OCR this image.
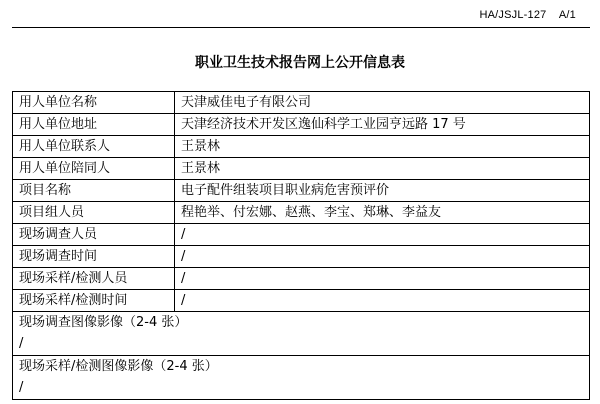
HA/JSJL-127    A/1
职业卫生技术报告网上公开信息表
用人单位名称	天津威佳电子有限公司
用人单位地址	天津经济技术开发区逸仙科学工业园亨远路 17 号
用人单位联系人	王景林
用人单位陪同人	王景林
项目名称	电子配件组装项目职业病危害预评价
项目组人员	程艳举、付宏娜、赵燕、李宝、郑琳、李益友
现场调查人员	/
现场调查时间	/
现场采样/检测人员	/
现场采样/检测时间	/

现场调查图像影像（2-4 张）
/	

现场采样/检测图像影像（2-4 张）
/	
